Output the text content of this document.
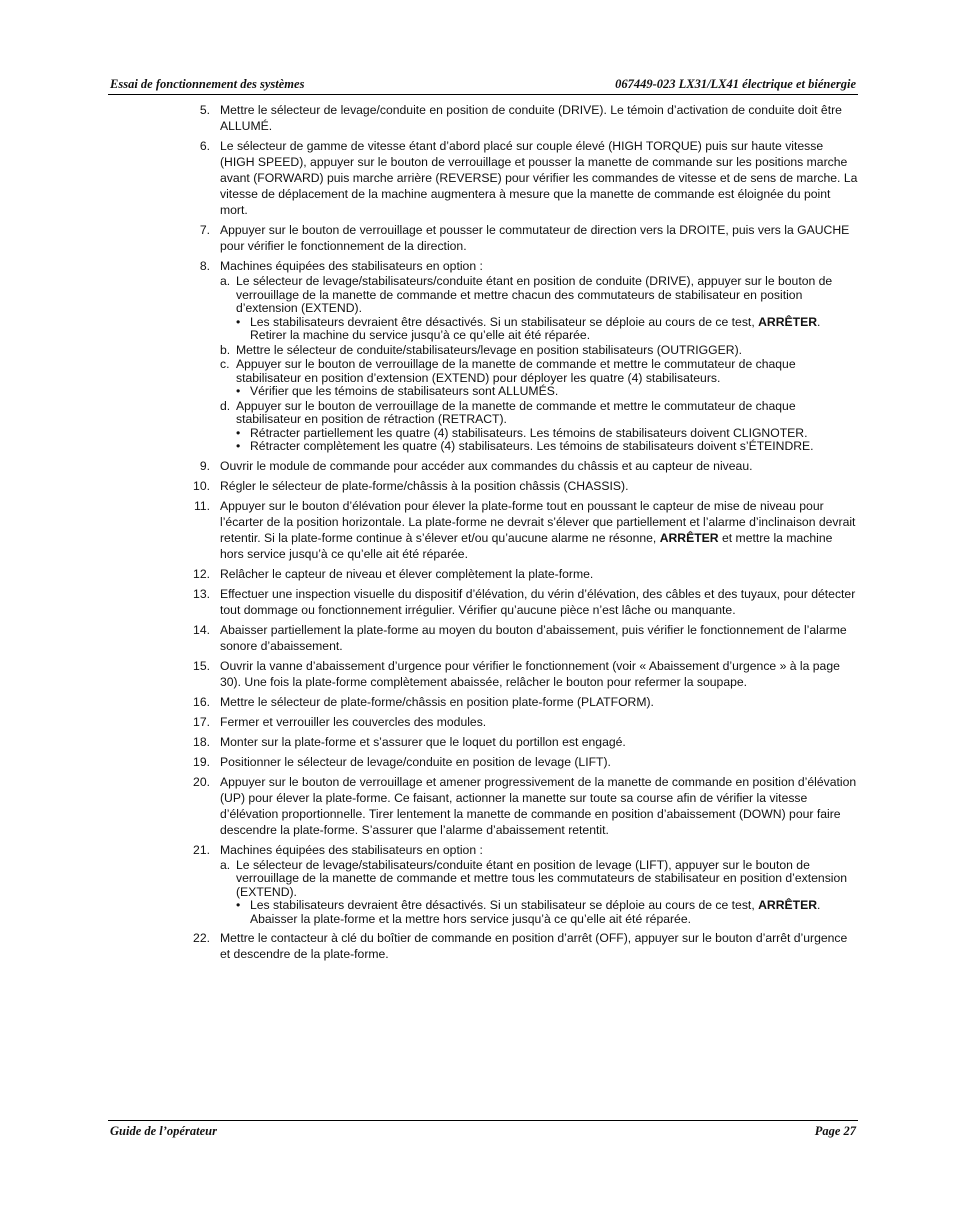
Essai de fonctionnement des systèmes	067449-023 LX31/LX41 électrique et biénergie
5. Mettre le sélecteur de levage/conduite en position de conduite (DRIVE). Le témoin d’activation de conduite doit être ALLUMÉ.
6. Le sélecteur de gamme de vitesse étant d’abord placé sur couple élevé (HIGH TORQUE) puis sur haute vitesse (HIGH SPEED), appuyer sur le bouton de verrouillage et pousser la manette de commande sur les positions marche avant (FORWARD) puis marche arrière (REVERSE) pour vérifier les commandes de vitesse et de sens de marche. La vitesse de déplacement de la machine augmentera à mesure que la manette de commande est éloignée du point mort.
7. Appuyer sur le bouton de verrouillage et pousser le commutateur de direction vers la DROITE, puis vers la GAUCHE pour vérifier le fonctionnement de la direction.
8. Machines équipées des stabilisateurs en option :
a. Le sélecteur de levage/stabilisateurs/conduite étant en position de conduite (DRIVE), appuyer sur le bouton de verrouillage de la manette de commande et mettre chacun des commutateurs de stabilisateur en position d’extension (EXTEND).
• Les stabilisateurs devraient être désactivés. Si un stabilisateur se déploie au cours de ce test, ARRÊTER. Retirer la machine du service jusqu’à ce qu’elle ait été réparée.
b. Mettre le sélecteur de conduite/stabilisateurs/levage en position stabilisateurs (OUTRIGGER).
c. Appuyer sur le bouton de verrouillage de la manette de commande et mettre le commutateur de chaque stabilisateur en position d’extension (EXTEND) pour déployer les quatre (4) stabilisateurs.
• Vérifier que les témoins de stabilisateurs sont ALLUMÉS.
d. Appuyer sur le bouton de verrouillage de la manette de commande et mettre le commutateur de chaque stabilisateur en position de rétraction (RETRACT).
• Rétracter partiellement les quatre (4) stabilisateurs. Les témoins de stabilisateurs doivent CLIGNOTER.
• Rétracter complètement les quatre (4) stabilisateurs. Les témoins de stabilisateurs doivent s’ÉTEINDRE.
9. Ouvrir le module de commande pour accéder aux commandes du châssis et au capteur de niveau.
10. Régler le sélecteur de plate-forme/châssis à la position châssis (CHASSIS).
11. Appuyer sur le bouton d’élévation pour élever la plate-forme tout en poussant le capteur de mise de niveau pour l’écarter de la position horizontale. La plate-forme ne devrait s’élever que partiellement et l’alarme d’inclinaison devrait retentir. Si la plate-forme continue à s’élever et/ou qu’aucune alarme ne résonne, ARRÊTER et mettre la machine hors service jusqu’à ce qu’elle ait été réparée.
12. Relâcher le capteur de niveau et élever complètement la plate-forme.
13. Effectuer une inspection visuelle du dispositif d’élévation, du vérin d’élévation, des câbles et des tuyaux, pour détecter tout dommage ou fonctionnement irrégulier. Vérifier qu’aucune pièce n’est lâche ou manquante.
14. Abaisser partiellement la plate-forme au moyen du bouton d’abaissement, puis vérifier le fonctionnement de l’alarme sonore d’abaissement.
15. Ouvrir la vanne d’abaissement d’urgence pour vérifier le fonctionnement (voir « Abaissement d’urgence » à la page 30). Une fois la plate-forme complètement abaissée, relâcher le bouton pour refermer la soupape.
16. Mettre le sélecteur de plate-forme/châssis en position plate-forme (PLATFORM).
17. Fermer et verrouiller les couvercles des modules.
18. Monter sur la plate-forme et s’assurer que le loquet du portillon est engagé.
19. Positionner le sélecteur de levage/conduite en position de levage (LIFT).
20. Appuyer sur le bouton de verrouillage et amener progressivement de la manette de commande en position d’élévation (UP) pour élever la plate-forme. Ce faisant, actionner la manette sur toute sa course afin de vérifier la vitesse d’élévation proportionnelle. Tirer lentement la manette de commande en position d’abaissement (DOWN) pour faire descendre la plate-forme. S’assurer que l’alarme d’abaissement retentit.
21. Machines équipées des stabilisateurs en option :
a. Le sélecteur de levage/stabilisateurs/conduite étant en position de levage (LIFT), appuyer sur le bouton de verrouillage de la manette de commande et mettre tous les commutateurs de stabilisateur en position d’extension (EXTEND).
• Les stabilisateurs devraient être désactivés. Si un stabilisateur se déploie au cours de ce test, ARRÊTER. Abaisser la plate-forme et la mettre hors service jusqu’à ce qu’elle ait été réparée.
22. Mettre le contacteur à clé du boîtier de commande en position d’arrêt (OFF), appuyer sur le bouton d’arrêt d’urgence et descendre de la plate-forme.
Guide de l’opérateur	Page 27
